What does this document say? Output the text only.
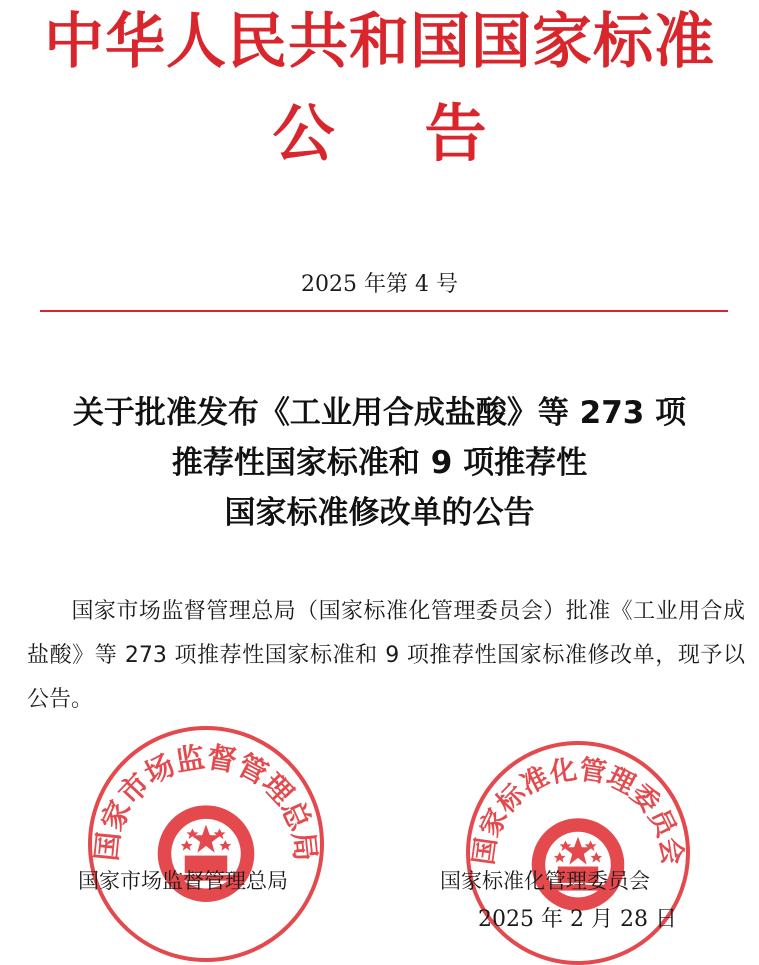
中华人民共和国国家标准
公告
2025 年第 4 号
关于批准发布《工业用合成盐酸》等 273 项
推荐性国家标准和 9 项推荐性
国家标准修改单的公告
国家市场监督管理总局（国家标准化管理委员会）批准《工业用合成盐酸》等 273 项推荐性国家标准和 9 项推荐性国家标准修改单，现予以公告。
国家市场监督管理总局	国家标准化管理委员会
国家市场监督管理总局	国家标准化管理委员会
2025 年 2 月 28 日
